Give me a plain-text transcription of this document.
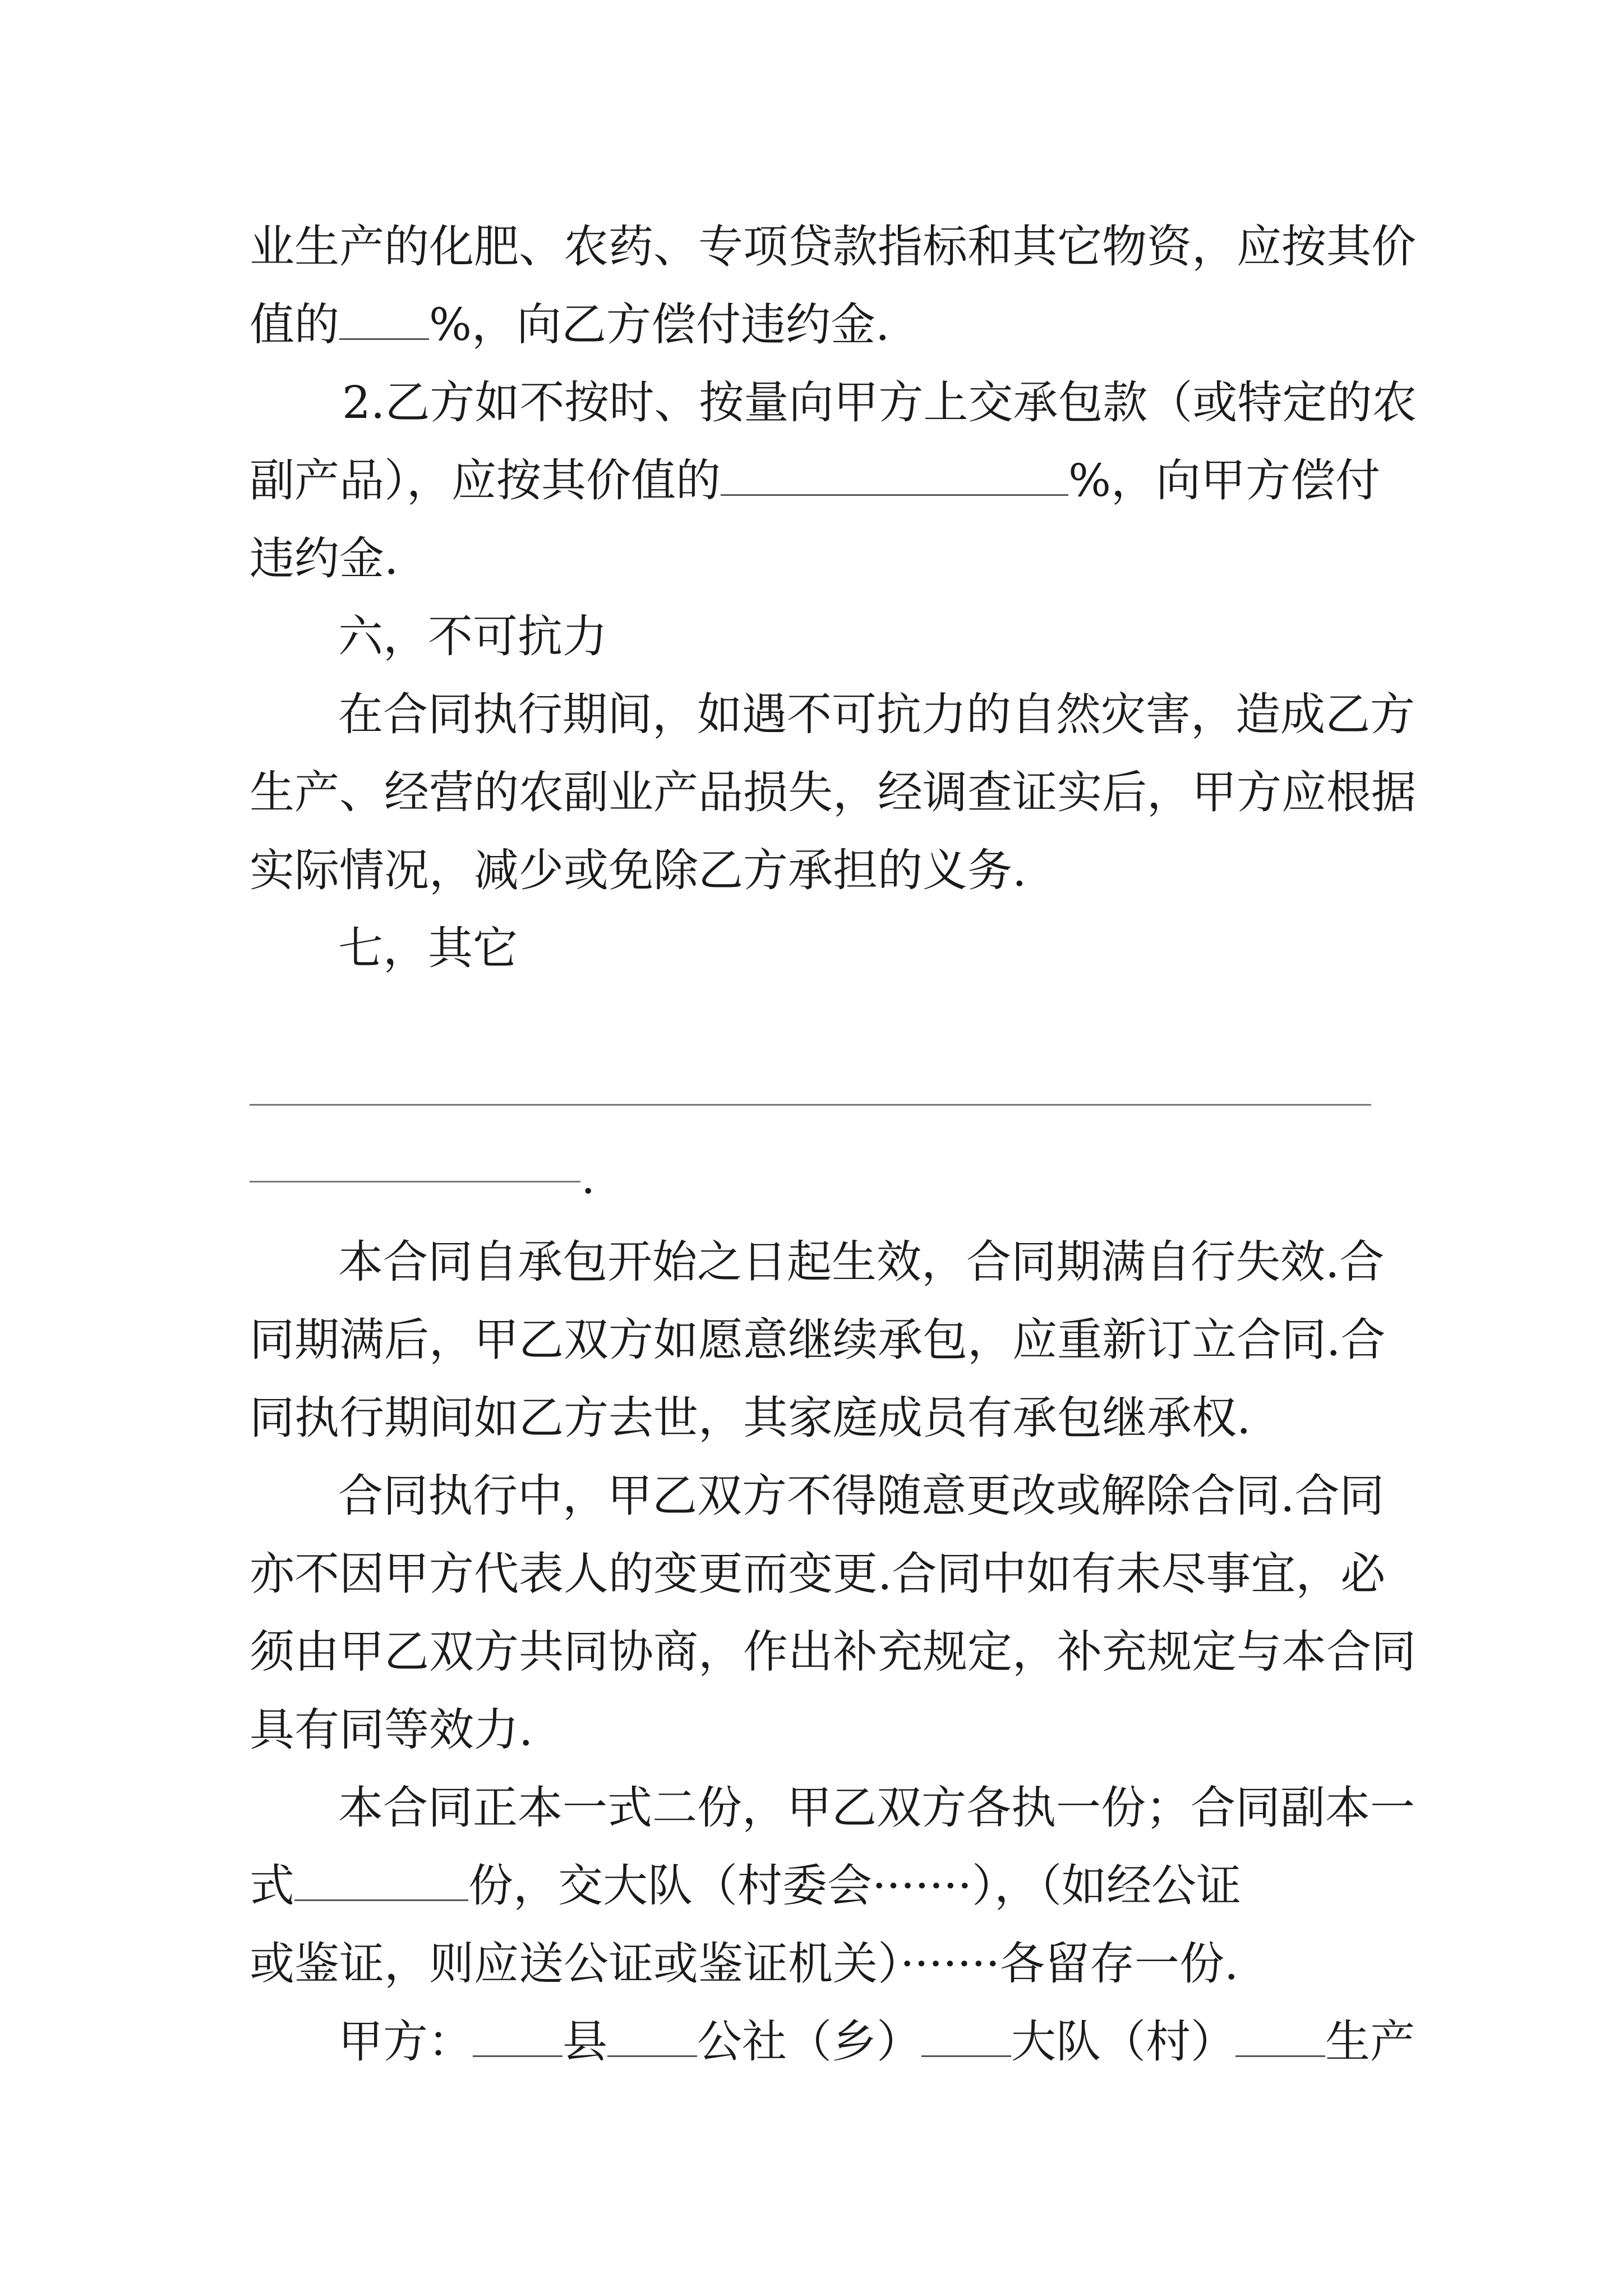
业生产的化肥、农药、专项贷款指标和其它物资，应按其价
值的 %，向乙方偿付违约金.
2.乙方如不按时、按量向甲方上交承包款（或特定的农
副产品），应按其价值的	%，向甲方偿付
违约金.
六，不可抗力
在合同执行期间，如遇不可抗力的自然灾害，造成乙方
生产、经营的农副业产品损失，经调查证实后，甲方应根据
实际情况，减少或免除乙方承担的义务.
七，其它
.
本合同自承包开始之日起生效，合同期满自行失效.合
同期满后，甲乙双方如愿意继续承包，应重新订立合同.合
同执行期间如乙方去世，其家庭成员有承包继承权.
合同执行中，甲乙双方不得随意更改或解除合同.合同
亦不因甲方代表人的变更而变更.合同中如有未尽事宜，必
须由甲乙双方共同协商，作出补充规定，补充规定与本合同
具有同等效力.
本合同正本一式二份，甲乙双方各执一份；合同副本一
式	份，交大队（村委会·······），（如经公证
或鉴证，则应送公证或鉴证机关）·······各留存一份.
甲方： 县 公社（乡） 大队（村） 生产
